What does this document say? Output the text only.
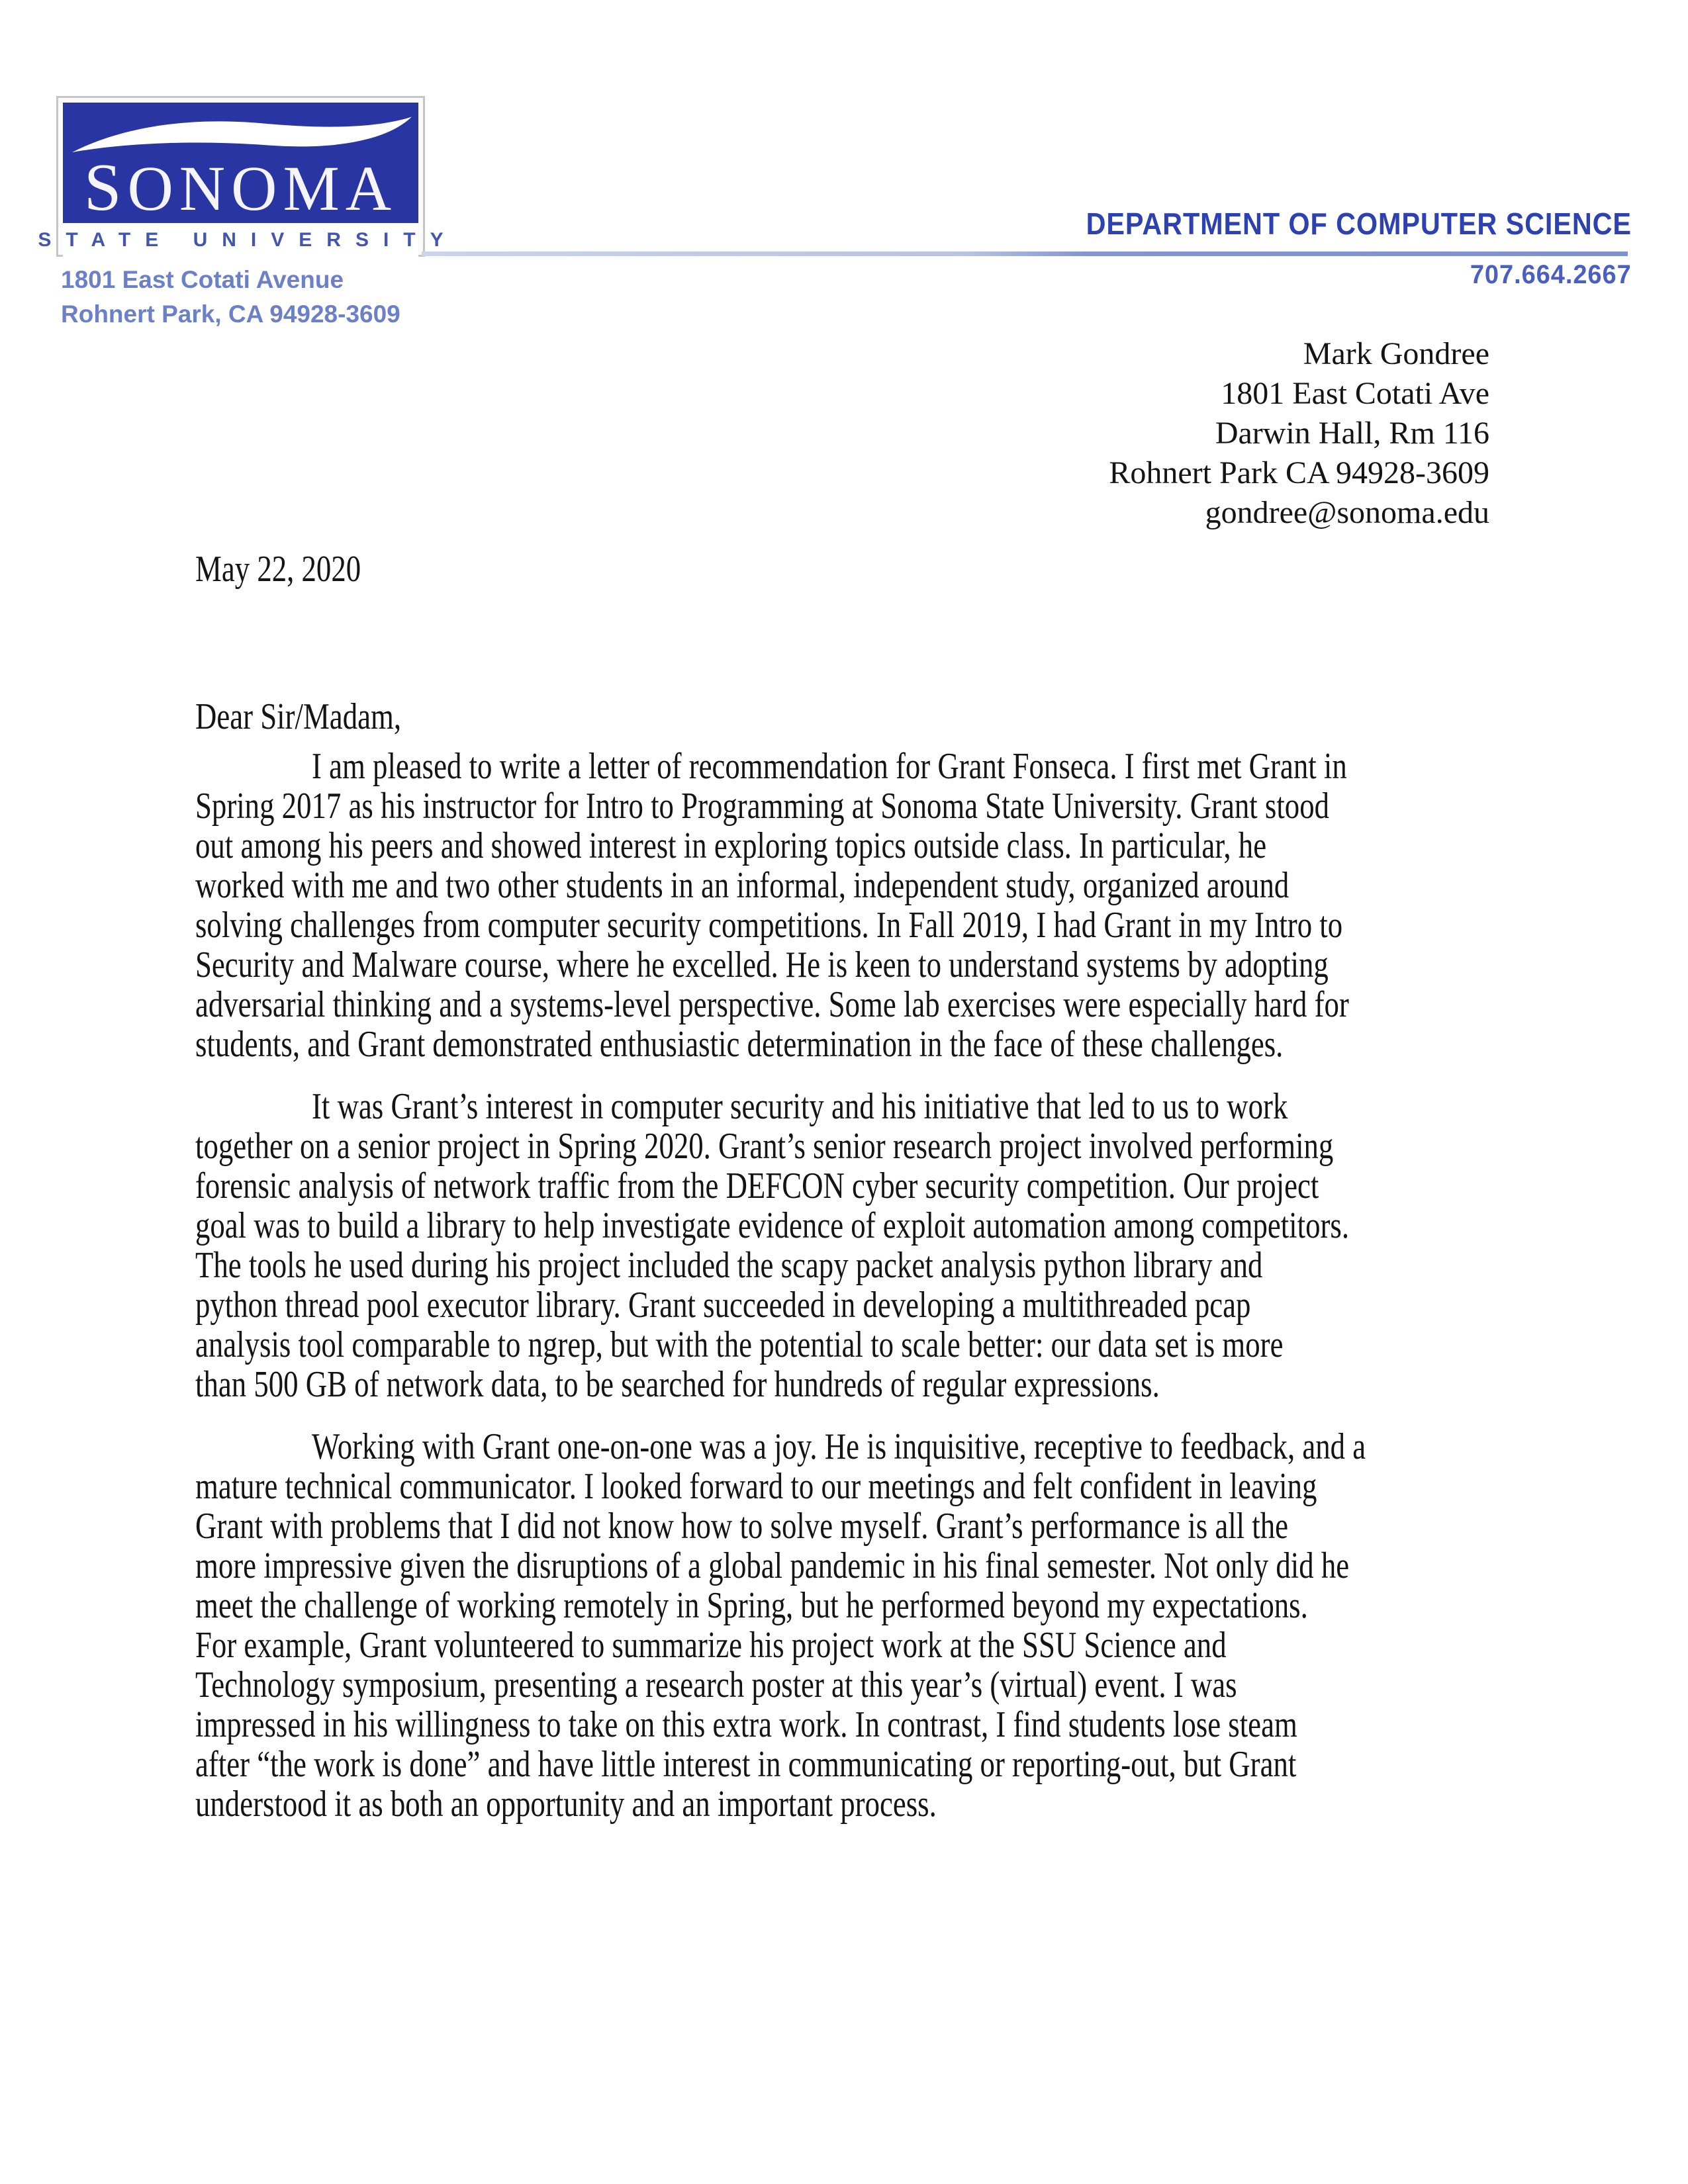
SONOMA
STATE UNIVERSITY
1801 East Cotati Avenue
Rohnert Park, CA 94928-3609
DEPARTMENT OF COMPUTER SCIENCE
707.664.2667
Mark Gondree
1801 East Cotati Ave
Darwin Hall, Rm 116
Rohnert Park CA 94928-3609
gondree@sonoma.edu
May 22, 2020
Dear Sir/Madam,
I am pleased to write a letter of recommendation for Grant Fonseca. I first met Grant in
Spring 2017 as his instructor for Intro to Programming at Sonoma State University. Grant stood
out among his peers and showed interest in exploring topics outside class. In particular, he
worked with me and two other students in an informal, independent study, organized around
solving challenges from computer security competitions. In Fall 2019, I had Grant in my Intro to
Security and Malware course, where he excelled. He is keen to understand systems by adopting
adversarial thinking and a systems-level perspective. Some lab exercises were especially hard for
students, and Grant demonstrated enthusiastic determination in the face of these challenges.
It was Grant’s interest in computer security and his initiative that led to us to work
together on a senior project in Spring 2020. Grant’s senior research project involved performing
forensic analysis of network traffic from the DEFCON cyber security competition. Our project
goal was to build a library to help investigate evidence of exploit automation among competitors.
The tools he used during his project included the scapy packet analysis python library and
python thread pool executor library. Grant succeeded in developing a multithreaded pcap
analysis tool comparable to ngrep, but with the potential to scale better: our data set is more
than 500 GB of network data, to be searched for hundreds of regular expressions.
Working with Grant one-on-one was a joy. He is inquisitive, receptive to feedback, and a
mature technical communicator. I looked forward to our meetings and felt confident in leaving
Grant with problems that I did not know how to solve myself. Grant’s performance is all the
more impressive given the disruptions of a global pandemic in his final semester. Not only did he
meet the challenge of working remotely in Spring, but he performed beyond my expectations.
For example, Grant volunteered to summarize his project work at the SSU Science and
Technology symposium, presenting a research poster at this year’s (virtual) event. I was
impressed in his willingness to take on this extra work. In contrast, I find students lose steam
after “the work is done” and have little interest in communicating or reporting-out, but Grant
understood it as both an opportunity and an important process.
